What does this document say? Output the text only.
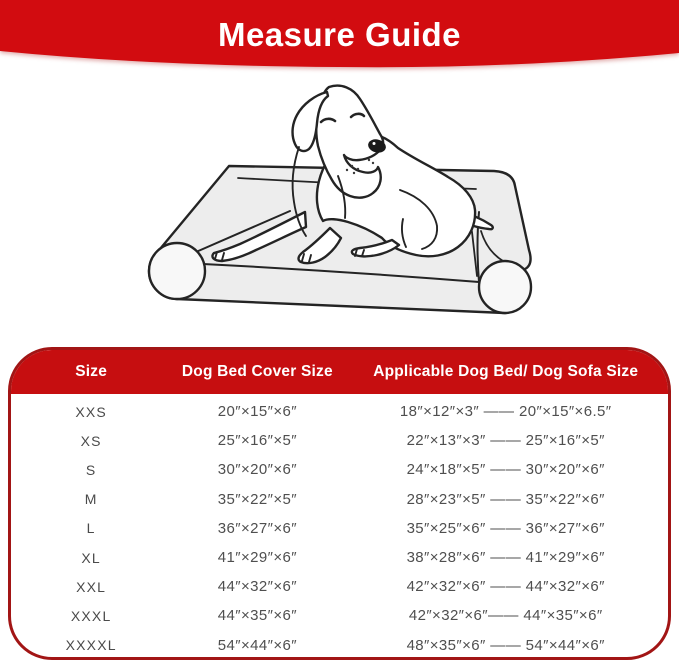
Measure Guide
Size	Dog Bed Cover Size	Applicable Dog Bed/ Dog Sofa Size
XXS	20″×15″×6″	18″×12″×3″ —— 20″×15″×6.5″
XS	25″×16″×5″	22″×13″×3″ —— 25″×16″×5″
S	30″×20″×6″	24″×18″×5″ —— 30″×20″×6″
M	35″×22″×5″	28″×23″×5″ —— 35″×22″×6″
L	36″×27″×6″	35″×25″×6″ —— 36″×27″×6″
XL	41″×29″×6″	38″×28″×6″ —— 41″×29″×6″
XXL	44″×32″×6″	42″×32″×6″ —— 44″×32″×6″
XXXL	44″×35″×6″	42″×32″×6″—— 44″×35″×6″
XXXXL	54″×44″×6″	48″×35″×6″ —— 54″×44″×6″
